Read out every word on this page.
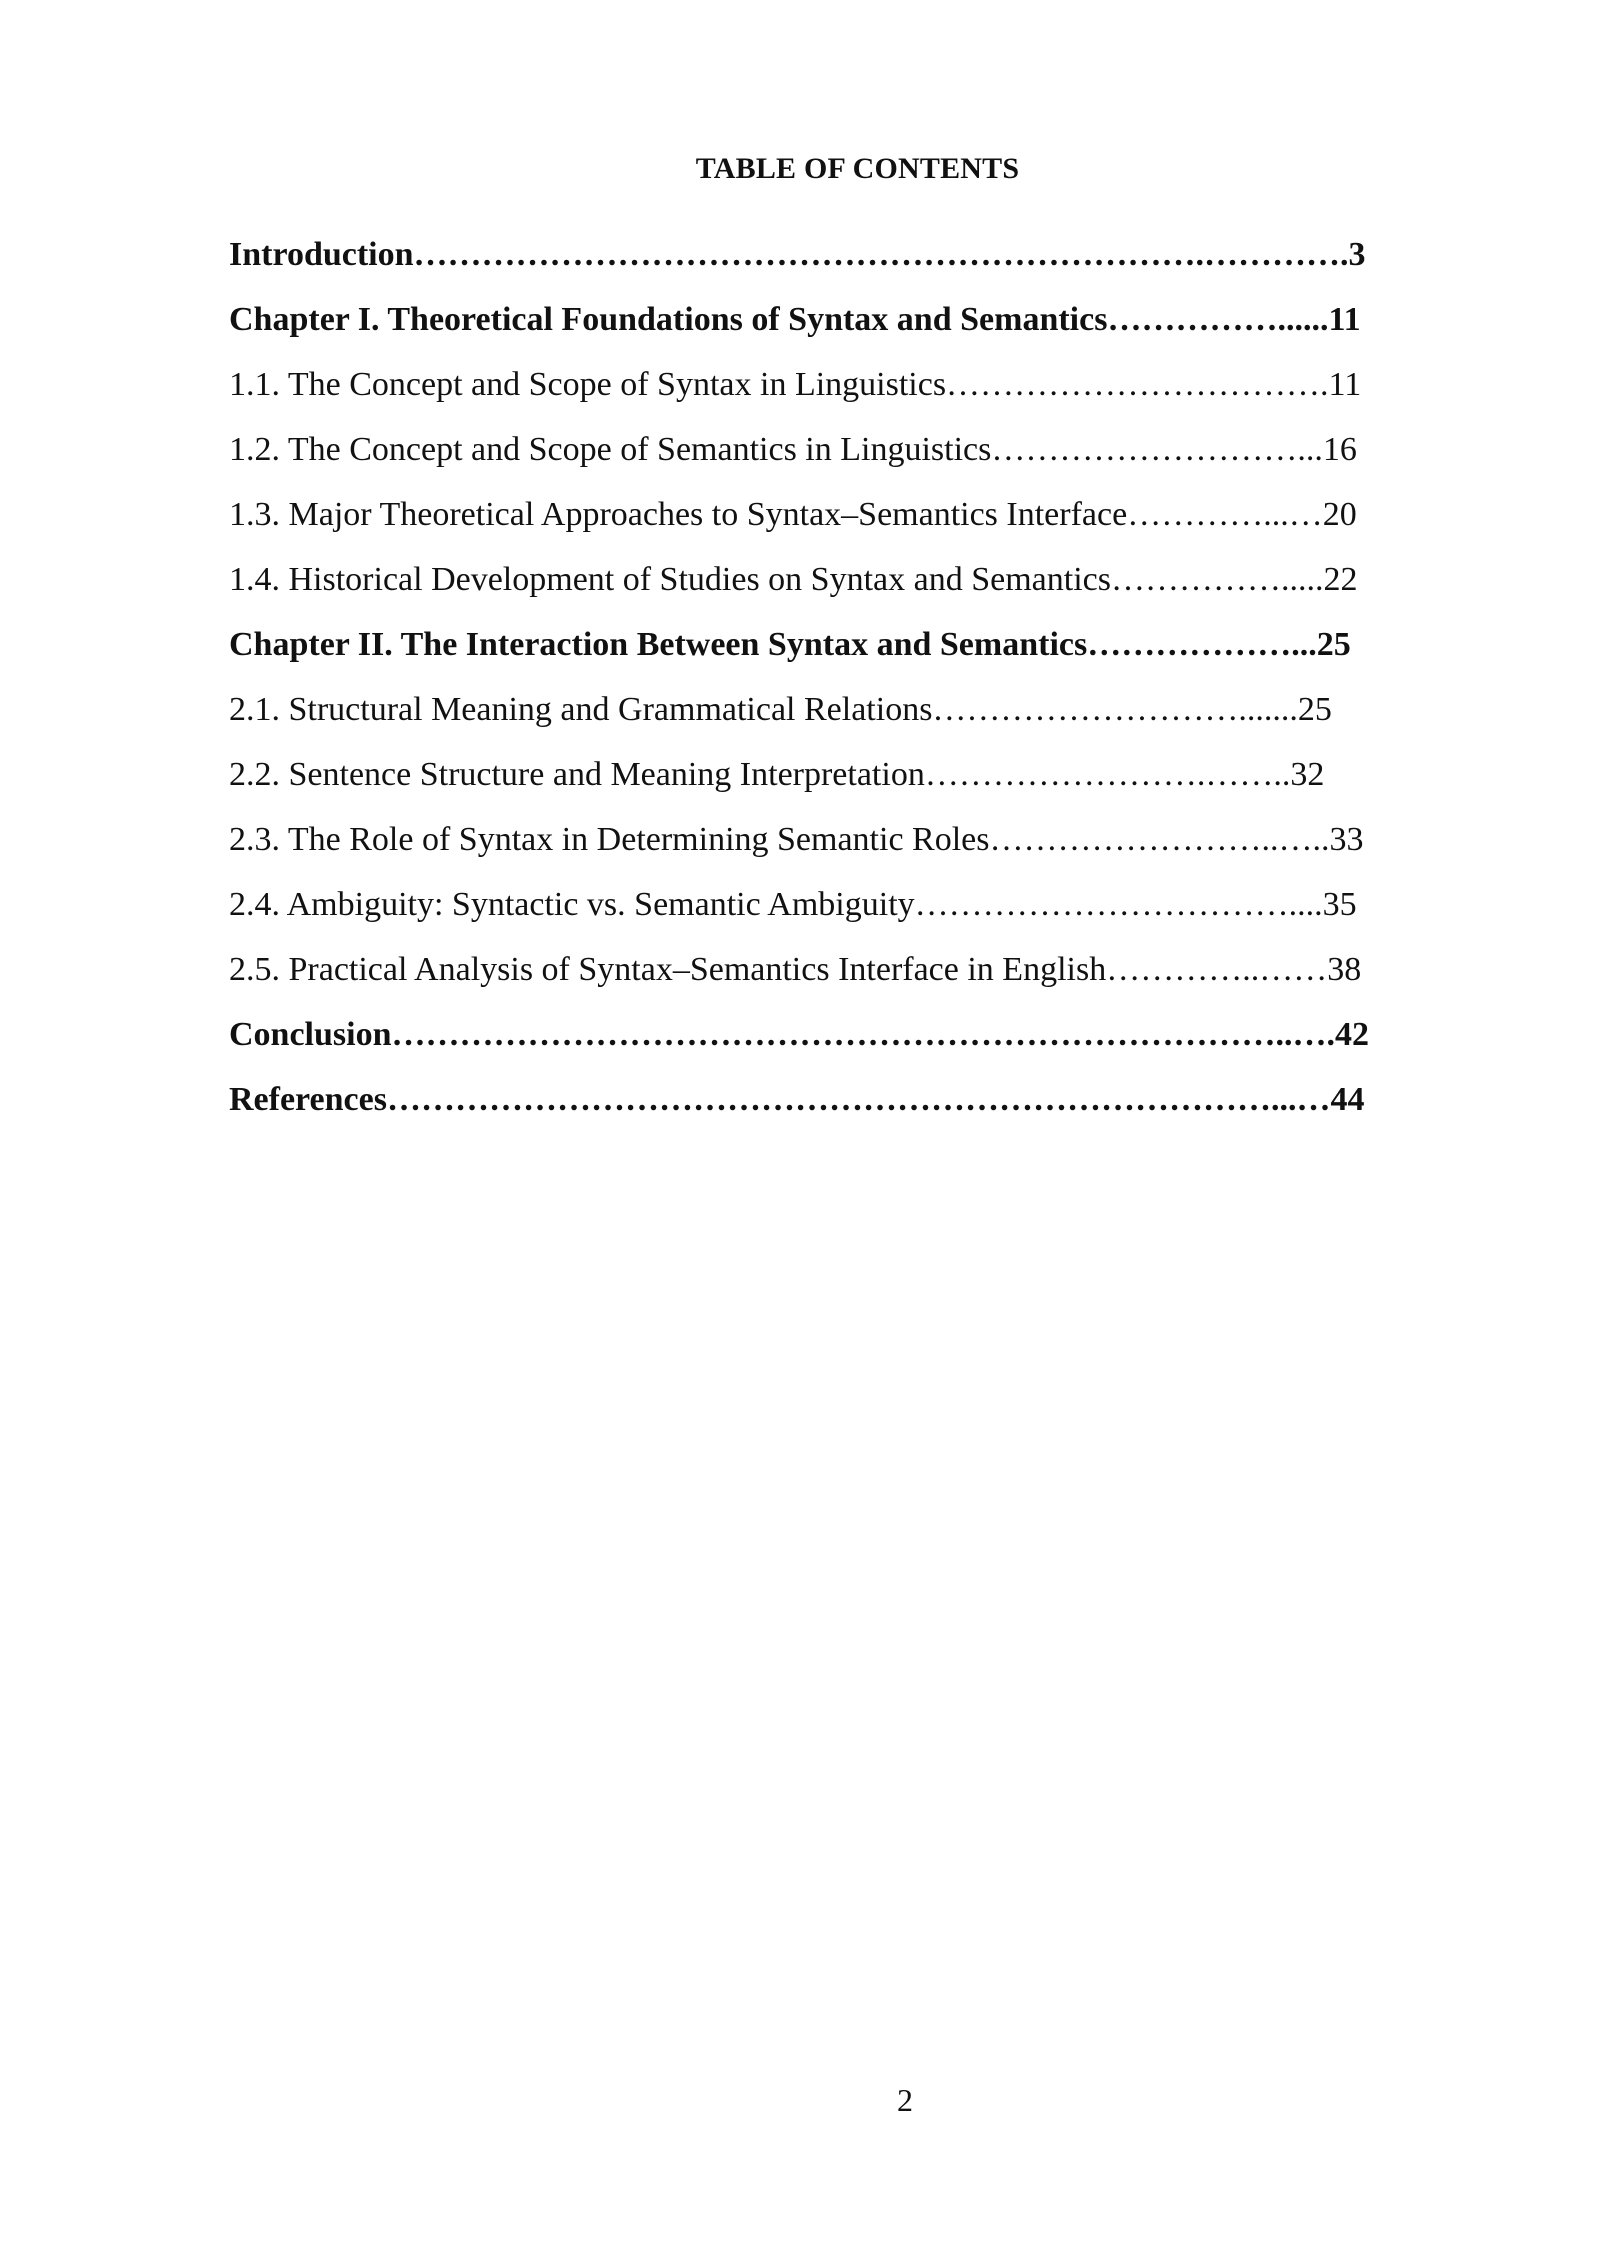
TABLE OF CONTENTS
Introduction…………………………………………………………….………….3
Chapter I. Theoretical Foundations of Syntax and Semantics……………......11
1.1. The Concept and Scope of Syntax in Linguistics…………………………….11
1.2. The Concept and Scope of Semantics in Linguistics………………………...16
1.3. Major Theoretical Approaches to Syntax–Semantics Interface…………...…20
1.4. Historical Development of Studies on Syntax and Semantics…………….....22
Chapter II. The Interaction Between Syntax and Semantics………………...25
2.1. Structural Meaning and Grammatical Relations……………………….......25
2.2. Sentence Structure and Meaning Interpretation…………………….……..32
2.3. The Role of Syntax in Determining Semantic Roles……………………..…..33
2.4. Ambiguity: Syntactic vs. Semantic Ambiguity……………………………....35
2.5. Practical Analysis of Syntax–Semantics Interface in English…………..……38
Conclusion……………………………………………………………………..….42
References……………………………………………………………………...…44
2
